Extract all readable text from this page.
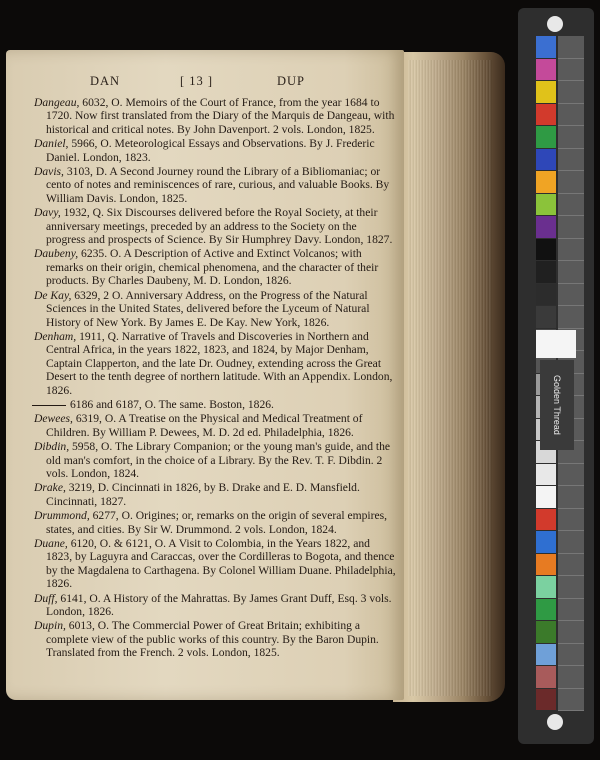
DAN	[ 13 ]	DUP
Dangeau, 6032, O. Memoirs of the Court of France, from the year 1684 to 1720. Now first translated from the Diary of the Marquis de Dangeau, with historical and critical notes. By John Davenport. 2 vols. London, 1825.
Daniel, 5966, O. Meteorological Essays and Observations. By J. Frederic Daniel. London, 1823.
Davis, 3103, D. A Second Journey round the Library of a Bibliomaniac; or cento of notes and reminiscences of rare, curious, and valuable Books. By William Davis. London, 1825.
Davy, 1932, Q. Six Discourses delivered before the Royal Society, at their anniversary meetings, preceded by an address to the Society on the progress and prospects of Science. By Sir Humphrey Davy. London, 1827.
Daubeny, 6235. O. A Description of Active and Extinct Volcanos; with remarks on their origin, chemical phenomena, and the character of their products. By Charles Daubeny, M. D. London, 1826.
De Kay, 6329, 2 O. Anniversary Address, on the Progress of the Natural Sciences in the United States, delivered before the Lyceum of Natural History of New York. By James E. De Kay. New York, 1826.
Denham, 1911, Q. Narrative of Travels and Discoveries in Northern and Central Africa, in the years 1822, 1823, and 1824, by Major Denham, Captain Clapperton, and the late Dr. Oudney, extending across the Great Desert to the tenth degree of northern latitude. With an Appendix. London, 1826.
6186 and 6187, O. The same. Boston, 1826.
Dewees, 6319, O. A Treatise on the Physical and Medical Treatment of Children. By William P. Dewees, M. D. 2d ed. Philadelphia, 1826.
Dibdin, 5958, O. The Library Companion; or the young man's guide, and the old man's comfort, in the choice of a Library. By the Rev. T. F. Dibdin. 2 vols. London, 1824.
Drake, 3219, D. Cincinnati in 1826, by B. Drake and E. D. Mansfield. Cincinnati, 1827.
Drummond, 6277, O. Origines; or, remarks on the origin of several empires, states, and cities. By Sir W. Drummond. 2 vols. London, 1824.
Duane, 6120, O. & 6121, O. A Visit to Colombia, in the Years 1822, and 1823, by Laguyra and Caraccas, over the Cordilleras to Bogota, and thence by the Magdalena to Carthagena. By Colonel William Duane. Philadelphia, 1826.
Duff, 6141, O. A History of the Mahrattas. By James Grant Duff, Esq. 3 vols. London, 1826.
Dupin, 6013, O. The Commercial Power of Great Britain; exhibiting a complete view of the public works of this country. By the Baron Dupin. Translated from the French. 2 vols. London, 1825.
Golden Thread
